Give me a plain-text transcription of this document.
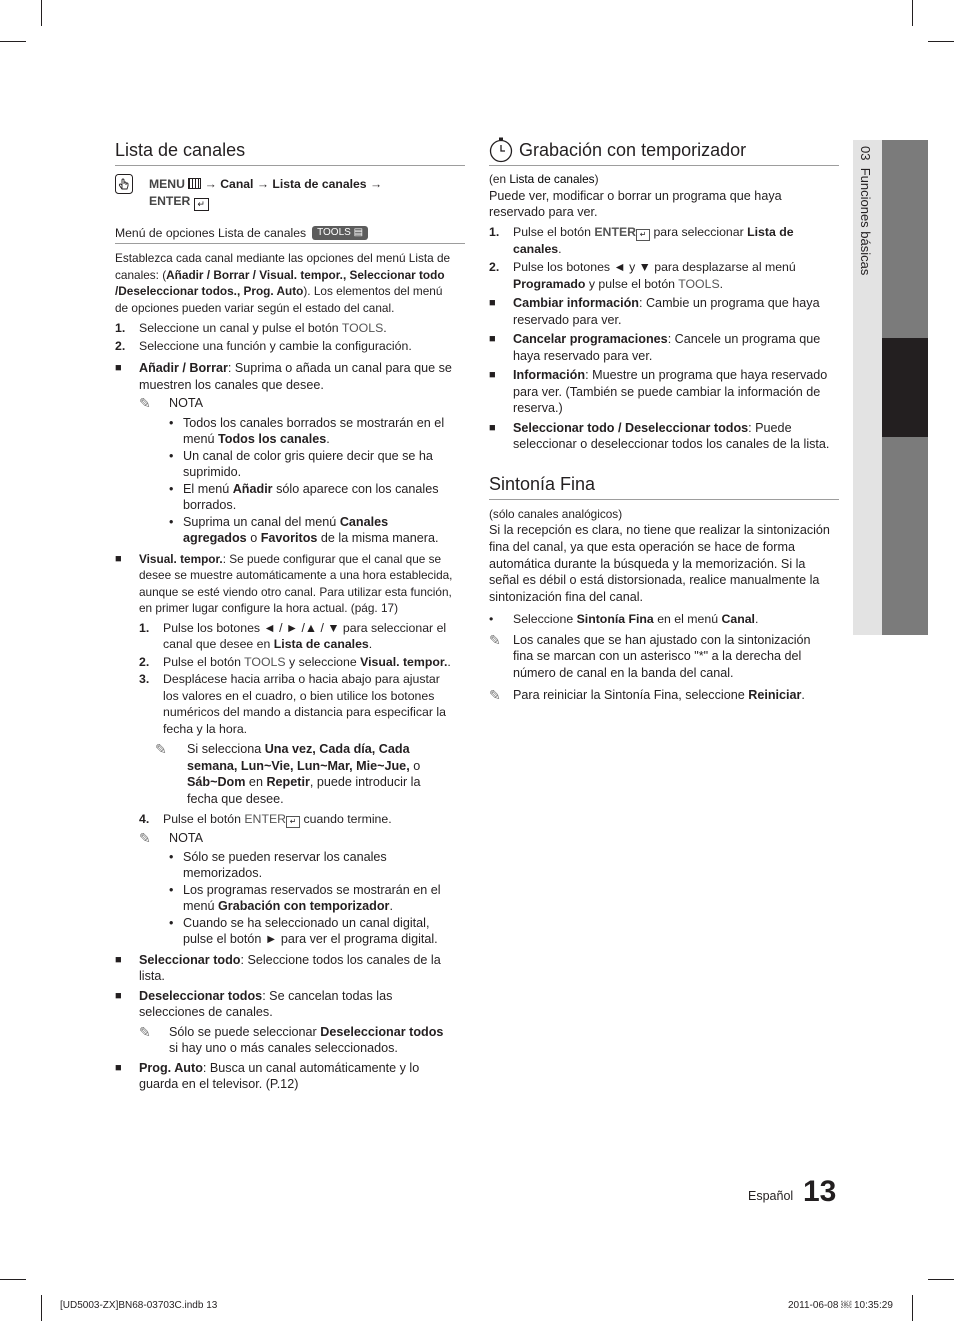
Lista de canales
MENU  → Canal → Lista de canales →
ENTER ↵
Menú de opciones Lista de canales	TOOLS ▤
Establezca cada canal mediante las opciones del menú Lista de
canales: (Añadir / Borrar / Visual. tempor., Seleccionar todo
/Deseleccionar todos., Prog. Auto). Los elementos del menú
de opciones pueden variar según el estado del canal.
1.	Seleccione un canal y pulse el botón TOOLS.
2.	Seleccione una función y cambie la configuración.
■	Añadir / Borrar: Suprima o añada un canal para que se
muestren los canales que desee.
✎	NOTA
• Todos los canales borrados se mostrarán en el
menú Todos los canales.
• Un canal de color gris quiere decir que se ha
suprimido.
• El menú Añadir sólo aparece con los canales
borrados.
• Suprima un canal del menú Canales
agregados o Favoritos de la misma manera.
■	Visual. tempor.: Se puede configurar que el canal que se
desee se muestre automáticamente a una hora establecida,
aunque se esté viendo otro canal. Para utilizar esta función,
en primer lugar configure la hora actual. (pág. 17)
1.	Pulse los botones ◄ / ► /▲ / ▼ para seleccionar el
canal que desee en Lista de canales.
2.	Pulse el botón TOOLS y seleccione Visual. tempor..
3.	Desplácese hacia arriba o hacia abajo para ajustar
los valores en el cuadro, o bien utilice los botones
numéricos del mando a distancia para especificar la
fecha y la hora.
✎	Si selecciona Una vez, Cada día, Cada
semana, Lun~Vie, Lun~Mar, Mie~Jue, o
Sáb~Dom en Repetir, puede introducir la
fecha que desee.
4.	Pulse el botón ENTER ↵ cuando termine.
✎	NOTA
• Sólo se pueden reservar los canales
memorizados.
• Los programas reservados se mostrarán en el
menú Grabación con temporizador.
• Cuando se ha seleccionado un canal digital,
pulse el botón ► para ver el programa digital.
■	Seleccionar todo: Seleccione todos los canales de la
lista.
■	Deseleccionar todos: Se cancelan todas las
selecciones de canales.
✎	Sólo se puede seleccionar Deseleccionar todos
si hay uno o más canales seleccionados.
■	Prog. Auto: Busca un canal automáticamente y lo
guarda en el televisor. (P.12)
Grabación con temporizador
(en Lista de canales)
Puede ver, modificar o borrar un programa que haya
reservado para ver.
1.	Pulse el botón ENTER ↵ para seleccionar Lista de
canales.
2.	Pulse los botones ◄ y ▼ para desplazarse al menú
Programado y pulse el botón TOOLS.
■	Cambiar información: Cambie un programa que haya
reservado para ver.
■	Cancelar programaciones: Cancele un programa que
haya reservado para ver.
■	Información: Muestre un programa que haya reservado
para ver. (También se puede cambiar la información de
reserva.)
■	Seleccionar todo / Deseleccionar todos: Puede
seleccionar o deseleccionar todos los canales de la lista.
Sintonía Fina
(sólo canales analógicos)
Si la recepción es clara, no tiene que realizar la sintonización
fina del canal, ya que esta operación se hace de forma
automática durante la búsqueda y la memorización. Si la
señal es débil o está distorsionada, realice manualmente la
sintonización fina del canal.
•	Seleccione Sintonía Fina en el menú Canal.
✎ Los canales que se han ajustado con la sintonización
fina se marcan con un asterisco "*" a la derecha del
número de canal en la banda del canal.
✎ Para reiniciar la Sintonía Fina, seleccione Reiniciar.
03  Funciones básicas
Español 13
[UD5003-ZX]BN68-03703C.indb 13	2011-06-08 ￼ 10:35:29
